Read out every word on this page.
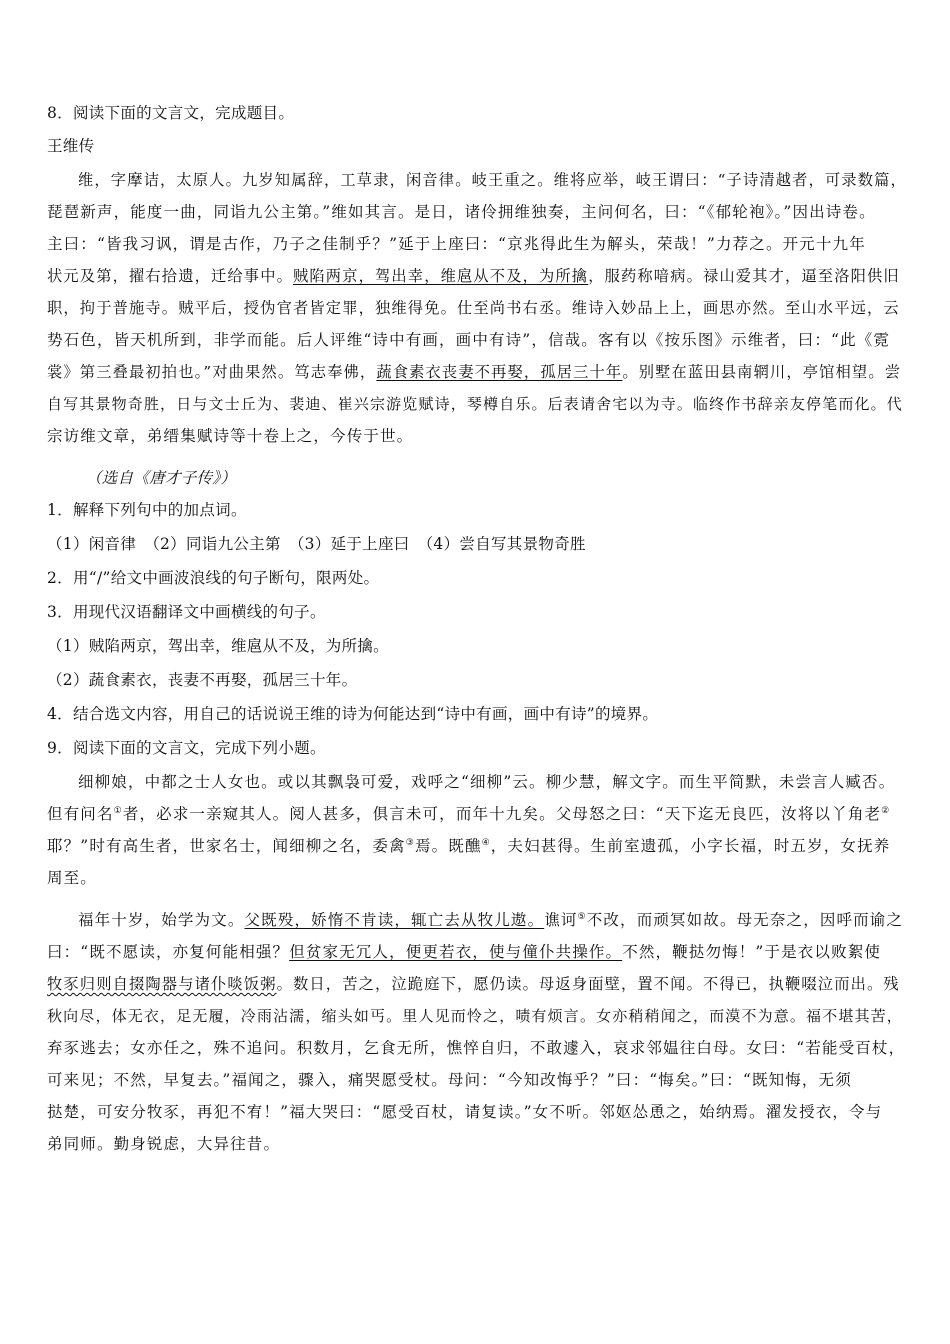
8．阅读下面的文言文，完成题目。
王维传
维，字摩诘，太原人。九岁知属辞，工草隶，闲音律。岐王重之。维将应举，岐王谓曰：“子诗清越者，可录数篇，
琵琶新声，能度一曲，同诣九公主第。”维如其言。是日，诸伶拥维独奏，主问何名，曰：“《郁轮袍》。”因出诗卷。
主曰：“皆我习讽，谓是古作，乃子之佳制乎？”延于上座曰：“京兆得此生为解头，荣哉！”力荐之。开元十九年
状元及第，擢右拾遗，迁给事中。贼陷两京，驾出幸，维扈从不及，为所擒，服药称喑病。禄山爱其才，逼至洛阳供旧
职，拘于普施寺。贼平后，授伪官者皆定罪，独维得免。仕至尚书右丞。维诗入妙品上上，画思亦然。至山水平远，云
势石色，皆天机所到，非学而能。后人评维“诗中有画，画中有诗”，信哉。客有以《按乐图》示维者，曰：“此《霓
裳》第三叠最初拍也。”对曲果然。笃志奉佛，蔬食素衣丧妻不再娶，孤居三十年。别墅在蓝田县南辋川，亭馆相望。尝
自写其景物奇胜，日与文士丘为、裴迪、崔兴宗游览赋诗，琴樽自乐。后表请舍宅以为寺。临终作书辞亲友停笔而化。代
宗访维文章，弟缙集赋诗等十卷上之，今传于世。
（选自《唐才子传》）
1．解释下列句中的加点词。
（1）闲音律　（2）同诣九公主第　（3）延于上座曰　（4）尝自写其景物奇胜
2．用“/”给文中画波浪线的句子断句，限两处。
3．用现代汉语翻译文中画横线的句子。
（1）贼陷两京，驾出幸，维扈从不及，为所擒。
（2）蔬食素衣，丧妻不再娶，孤居三十年。
4．结合选文内容，用自己的话说说王维的诗为何能达到“诗中有画，画中有诗”的境界。
9．阅读下面的文言文，完成下列小题。
细柳娘，中都之士人女也。或以其飘袅可爱，戏呼之“细柳”云。柳少慧，解文字。而生平简默，未尝言人臧否。
但有问名①者，必求一亲窥其人。阅人甚多，俱言未可，而年十九矣。父母怒之曰：“天下迄无良匹，汝将以丫角老②
耶？”时有高生者，世家名士，闻细柳之名，委禽③焉。既醮④，夫妇甚得。生前室遗孤，小字长福，时五岁，女抚养
周至。
福年十岁，始学为文。父既殁，娇惰不肯读，辄亡去从牧儿遨。谯诃⑤不改，而顽冥如故。母无奈之，因呼而谕之
曰：“既不愿读，亦复何能相强？但贫家无冗人，便更若衣，使与僮仆共操作。不然，鞭挞勿悔！”于是衣以败絮使
牧豕归则自掇陶器与诸仆啖饭粥。数日，苦之，泣跪庭下，愿仍读。母返身面壁，置不闻。不得已，执鞭啜泣而出。残
秋向尽，体无衣，足无履，冷雨沾濡，缩头如丐。里人见而怜之，啧有烦言。女亦稍稍闻之，而漠不为意。福不堪其苦，
弃豕逃去；女亦任之，殊不追问。积数月，乞食无所，憔悴自归，不敢遽入，哀求邻媪往白母。女曰：“若能受百杖，
可来见；不然，早复去。”福闻之，骤入，痛哭愿受杖。母问：“今知改悔乎？”曰：“悔矣。”曰：“既知悔，无须
挞楚，可安分牧豕，再犯不宥！”福大哭曰：“愿受百杖，请复读。”女不听。邻妪怂恿之，始纳焉。濯发授衣，令与
弟同师。勤身锐虑，大异往昔。
